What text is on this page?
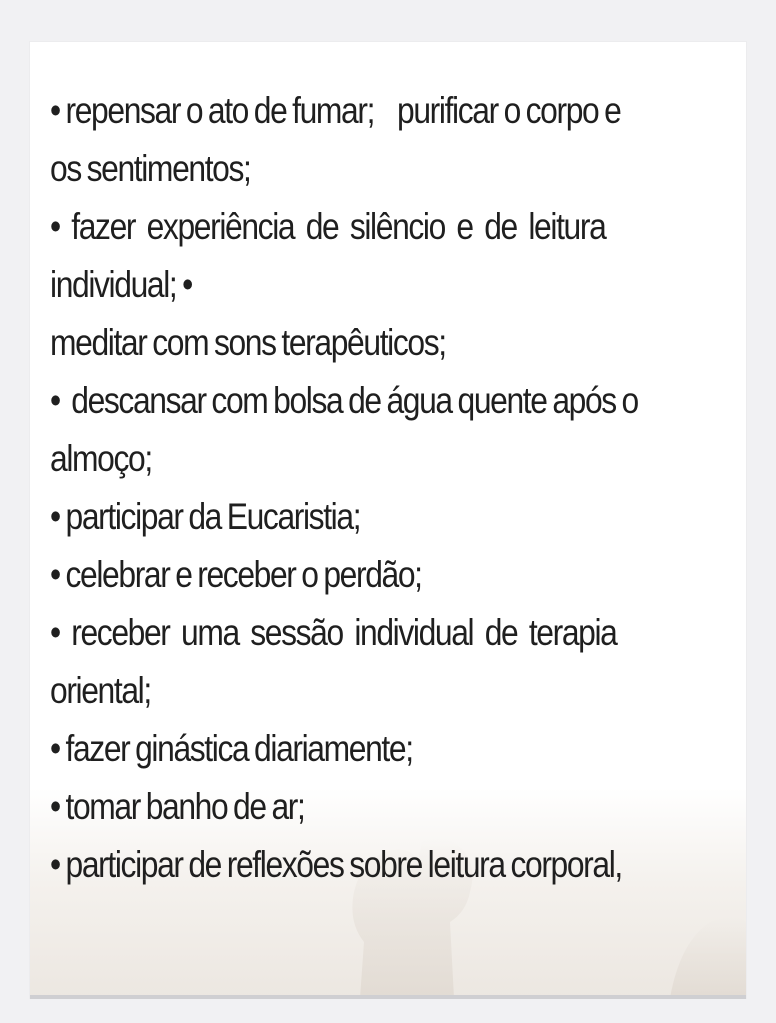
• repensar o ato de fumar;    purificar o corpo e
os sentimentos;
•  fazer  experiência  de  silêncio  e  de  leitura
individual; •
meditar com sons terapêuticos;
•  descansar com bolsa de água quente após o
almoço;
• participar da Eucaristia;
• celebrar e receber o perdão;
•  receber  uma  sessão  individual  de  terapia
oriental;
• fazer ginástica diariamente;
• tomar banho de ar;
• participar de reflexões sobre leitura corporal,
